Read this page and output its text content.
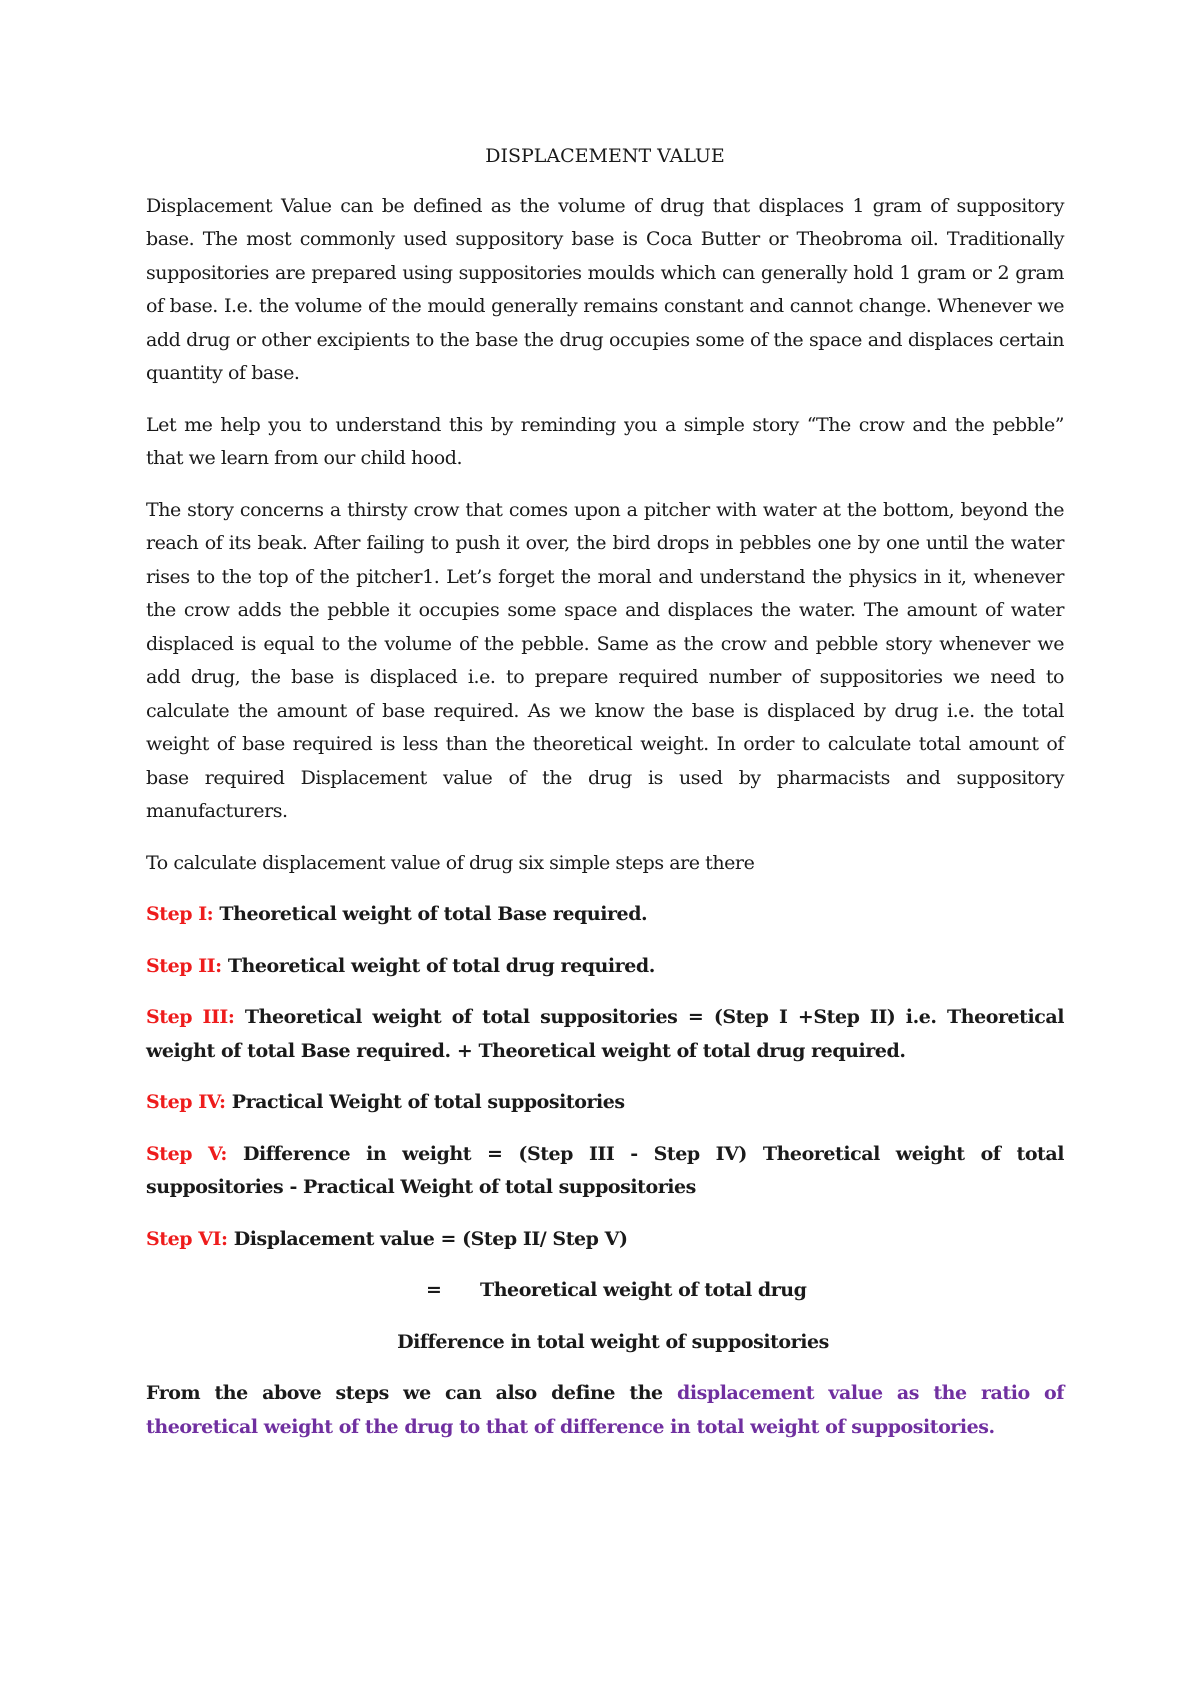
DISPLACEMENT VALUE

Displacement Value can be defined as the volume of drug that displaces 1 gram of suppository base. The most commonly used suppository base is Coca Butter or Theobroma oil. Traditionally suppositories are prepared using suppositories moulds which can generally hold 1 gram or 2 gram of base. I.e. the volume of the mould generally remains constant and cannot change. Whenever we add drug or other excipients to the base the drug occupies some of the space and displaces certain quantity of base.

Let me help you to understand this by reminding you a simple story “The crow and the pebble” that we learn from our child hood.

The story concerns a thirsty crow that comes upon a pitcher with water at the bottom, beyond the reach of its beak. After failing to push it over, the bird drops in pebbles one by one until the water rises to the top of the pitcher1. Let’s forget the moral and understand the physics in it, whenever the crow adds the pebble it occupies some space and displaces the water. The amount of water displaced is equal to the volume of the pebble. Same as the crow and pebble story whenever we add drug, the base is displaced i.e. to prepare required number of suppositories we need to calculate the amount of base required. As we know the base is displaced by drug i.e. the total weight of base required is less than the theoretical weight. In order to calculate total amount of base required Displacement value of the drug is used by pharmacists and suppository manufacturers.

To calculate displacement value of drug six simple steps are there

Step I: Theoretical weight of total Base required.
Step II: Theoretical weight of total drug required.
Step III: Theoretical weight of total suppositories = (Step I +Step II) i.e. Theoretical weight of total Base required. + Theoretical weight of total drug required.
Step IV: Practical Weight of total suppositories
Step V: Difference in weight = (Step III - Step IV) Theoretical weight of total suppositories - Practical Weight of total suppositories
Step VI: Displacement value = (Step II/ Step V)
= Theoretical weight of total drug
Difference in total weight of suppositories

From the above steps we can also define the displacement value as the ratio of theoretical weight of the drug to that of difference in total weight of suppositories.
